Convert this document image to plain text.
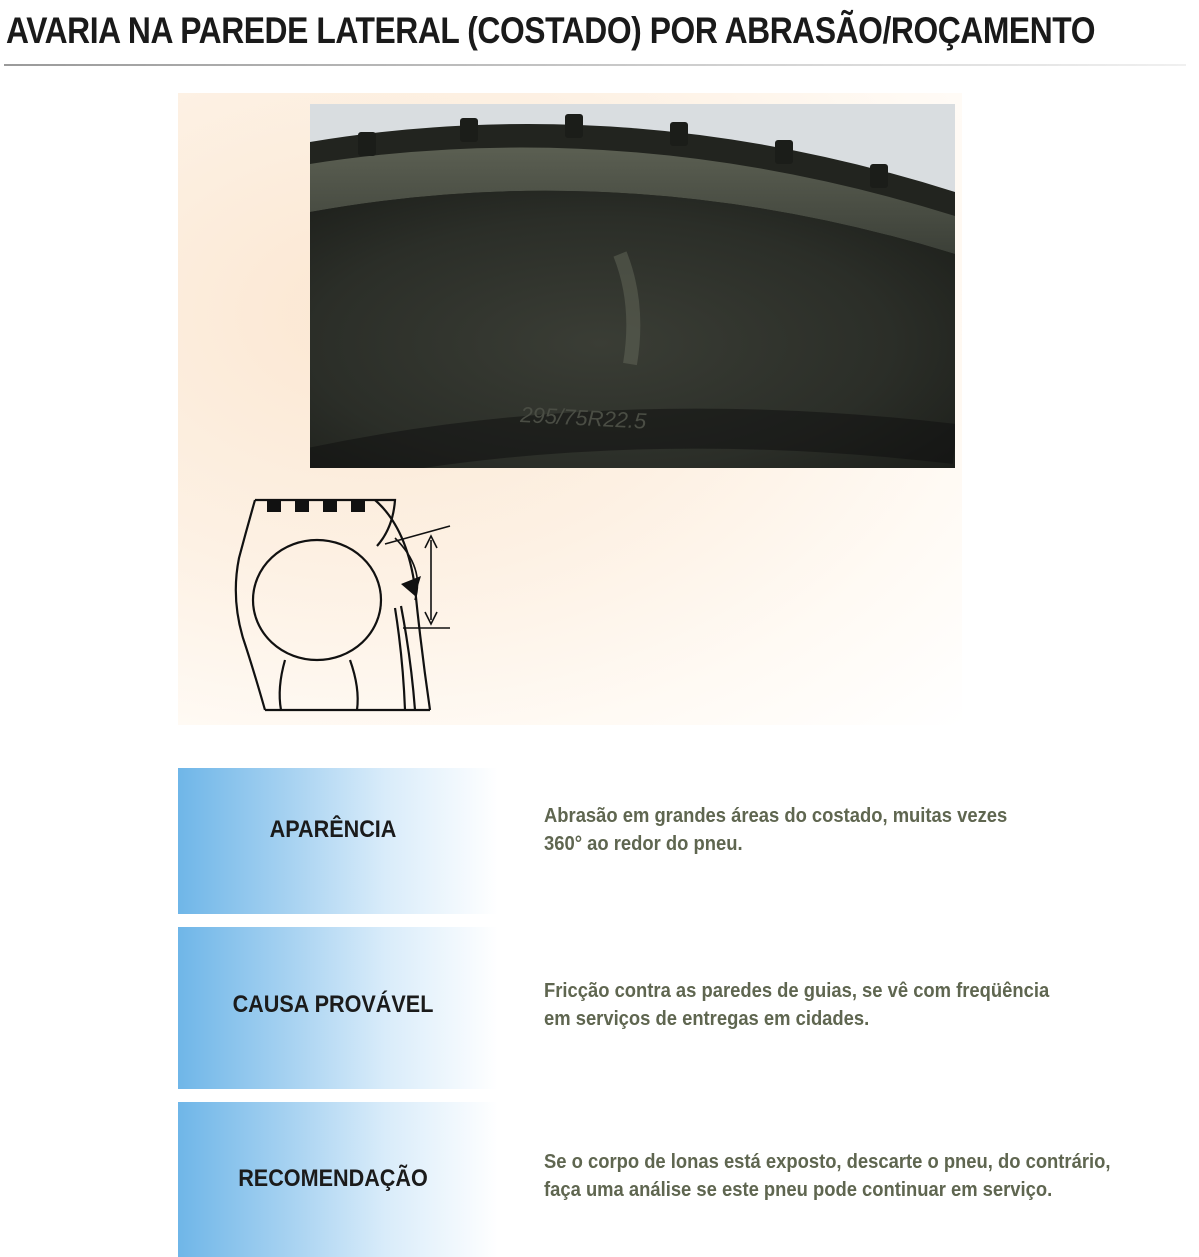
AVARIA NA PAREDE LATERAL (COSTADO) POR ABRASÃO/ROÇAMENTO
295/75R22.5
APARÊNCIA	Abrasão em grandes áreas do costado, muitas vezes
360° ao redor do pneu.
CAUSA PROVÁVEL	Fricção contra as paredes de guias, se vê com freqüência
em serviços de entregas em cidades.
RECOMENDAÇÃO
Se o corpo de lonas está exposto, descarte o pneu, do contrário,
faça uma análise se este pneu pode continuar em serviço.
